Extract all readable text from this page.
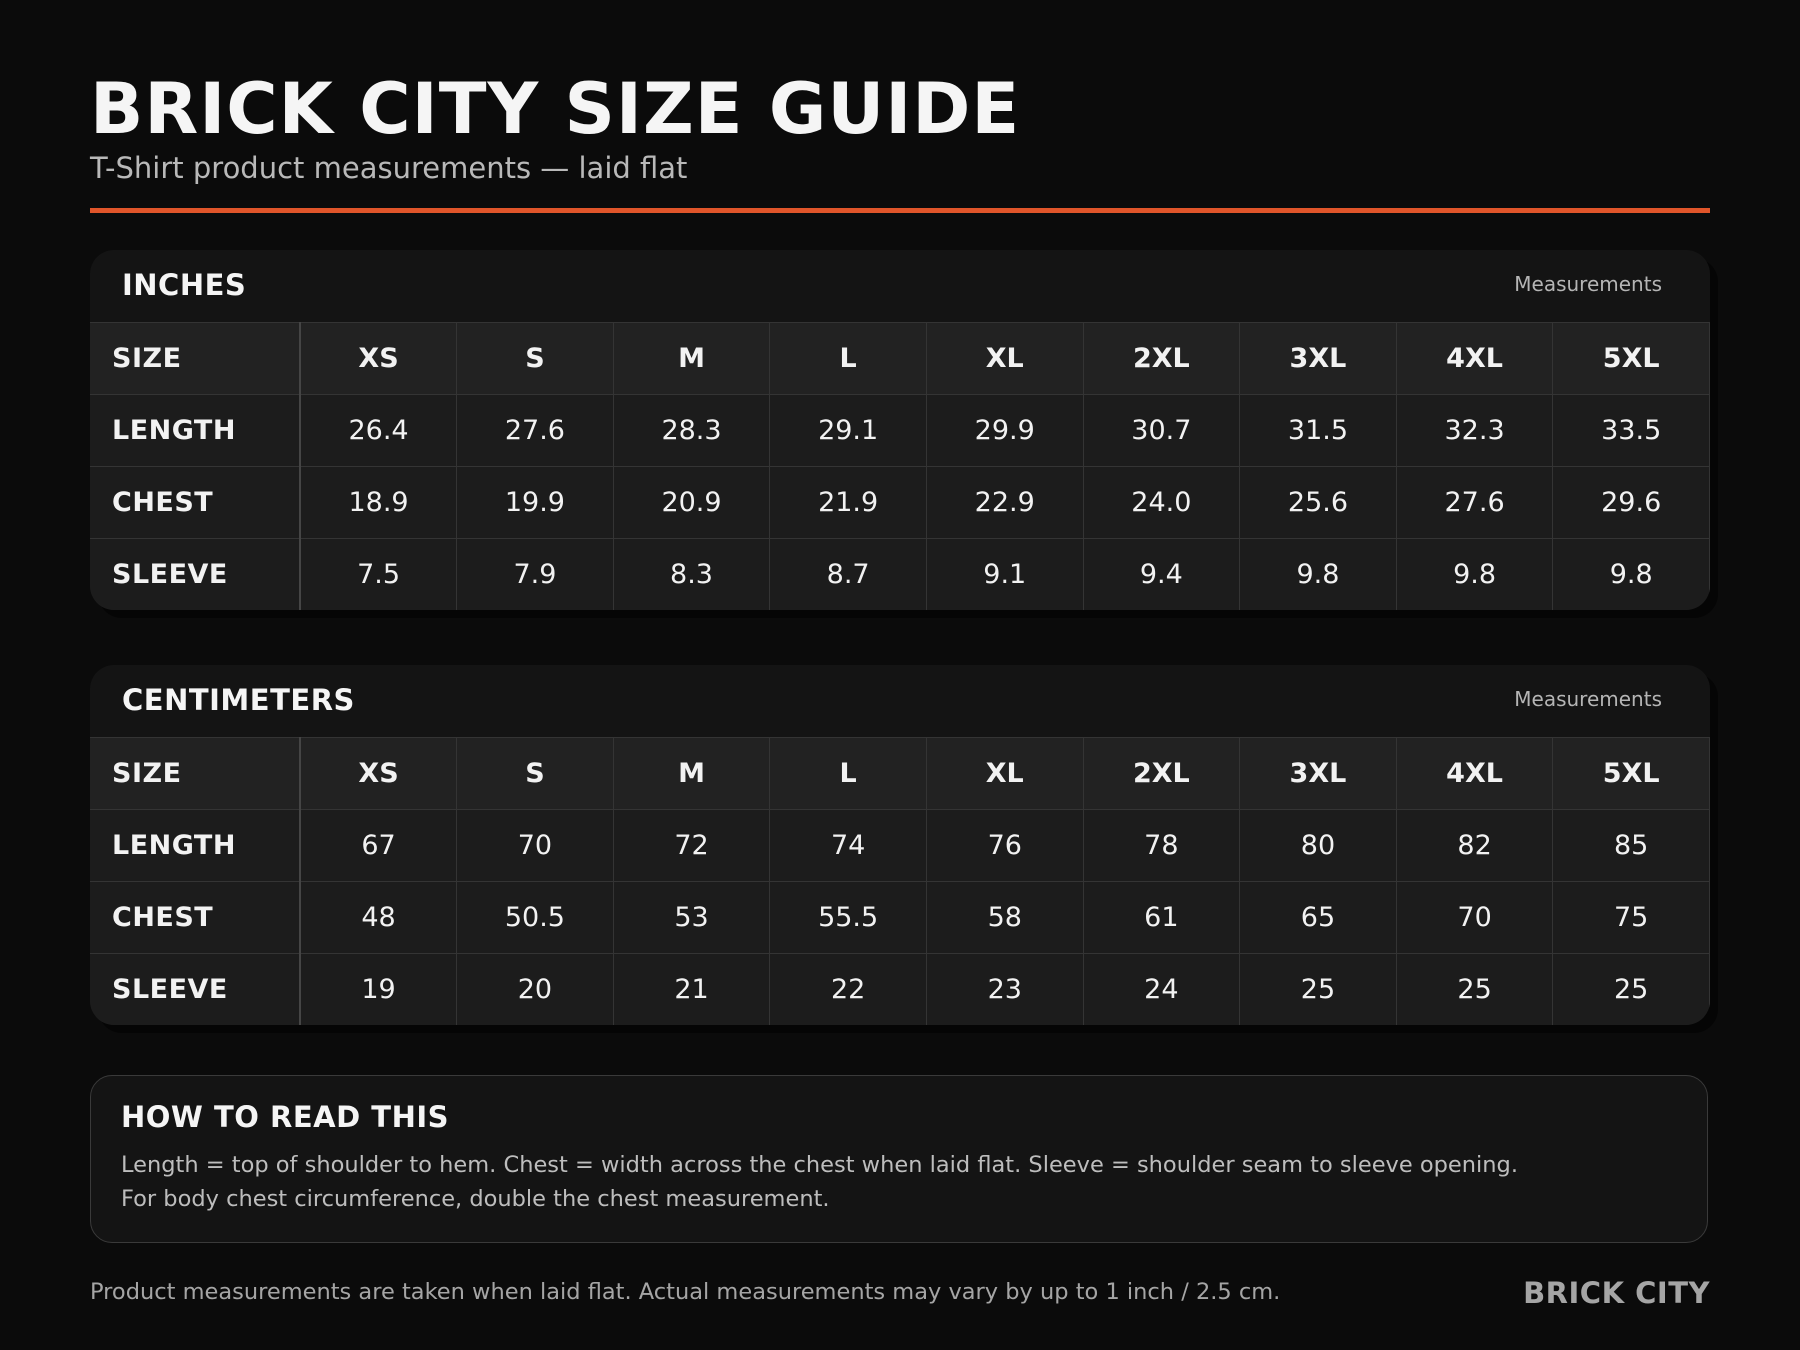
BRICK CITY SIZE GUIDE
T-Shirt product measurements — laid flat
INCHES	Measurements
SIZE	XS	S	M	L	XL	2XL	3XL	4XL	5XL
LENGTH	26.4	27.6	28.3	29.1	29.9	30.7	31.5	32.3	33.5
CHEST	18.9	19.9	20.9	21.9	22.9	24.0	25.6	27.6	29.6
SLEEVE	7.5	7.9	8.3	8.7	9.1	9.4	9.8	9.8	9.8
CENTIMETERS	Measurements
SIZE	XS	S	M	L	XL	2XL	3XL	4XL	5XL
LENGTH	67	70	72	74	76	78	80	82	85
CHEST	48	50.5	53	55.5	58	61	65	70	75
SLEEVE	19	20	21	22	23	24	25	25	25
HOW TO READ THIS
Length = top of shoulder to hem. Chest = width across the chest when laid flat. Sleeve = shoulder seam to sleeve opening. For body chest circumference, double the chest measurement.
Product measurements are taken when laid flat. Actual measurements may vary by up to 1 inch / 2.5 cm.	BRICK CITY
